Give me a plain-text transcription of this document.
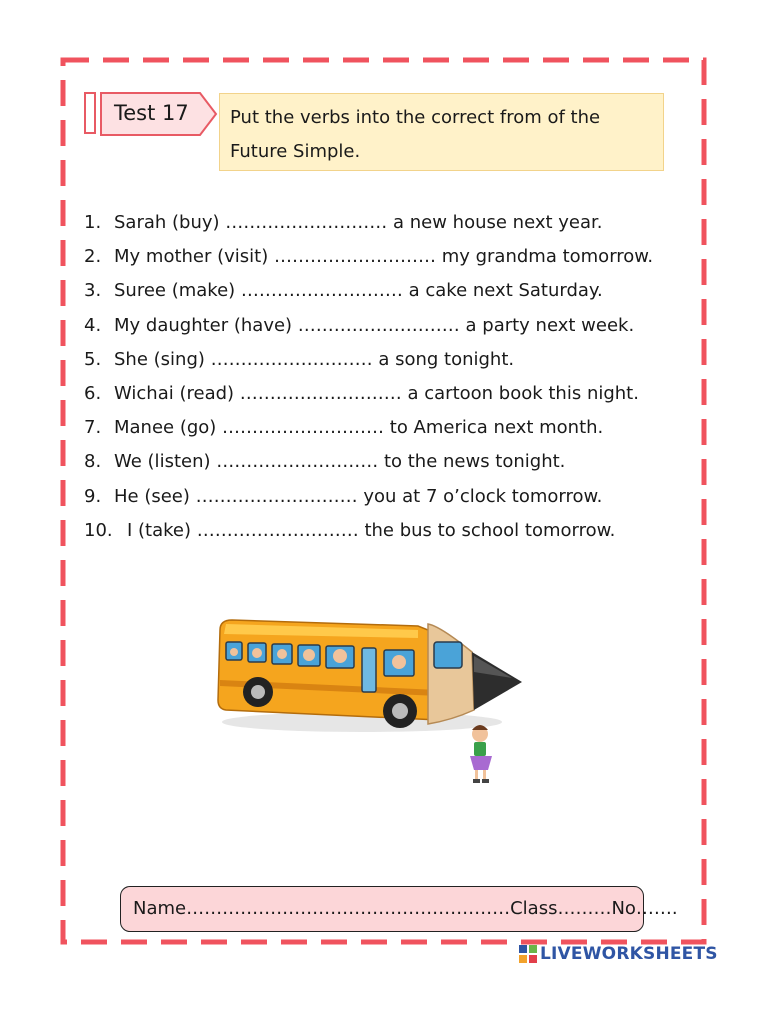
Test 17 Put the verbs into the correct from of the
Future Simple.
1. Sarah (buy) ……………………… a new house next year.
2. My mother (visit) ……………………… my grandma tomorrow.
3. Suree (make) ……………………… a cake next Saturday.
4. My daughter (have) ……………………… a party next week.
5. She (sing) ……………………… a song tonight.
6. Wichai (read) ……………………… a cartoon book this night.
7. Manee (go) ……………………… to America next month.
8. We (listen) ……………………… to the news tonight.
9. He (see) ……………………… you at 7 o’clock tomorrow.
10. I (take) ……………………… the bus to school tomorrow.
Name………………………………………………Class………No…….
LIVEWORKSHEETS
